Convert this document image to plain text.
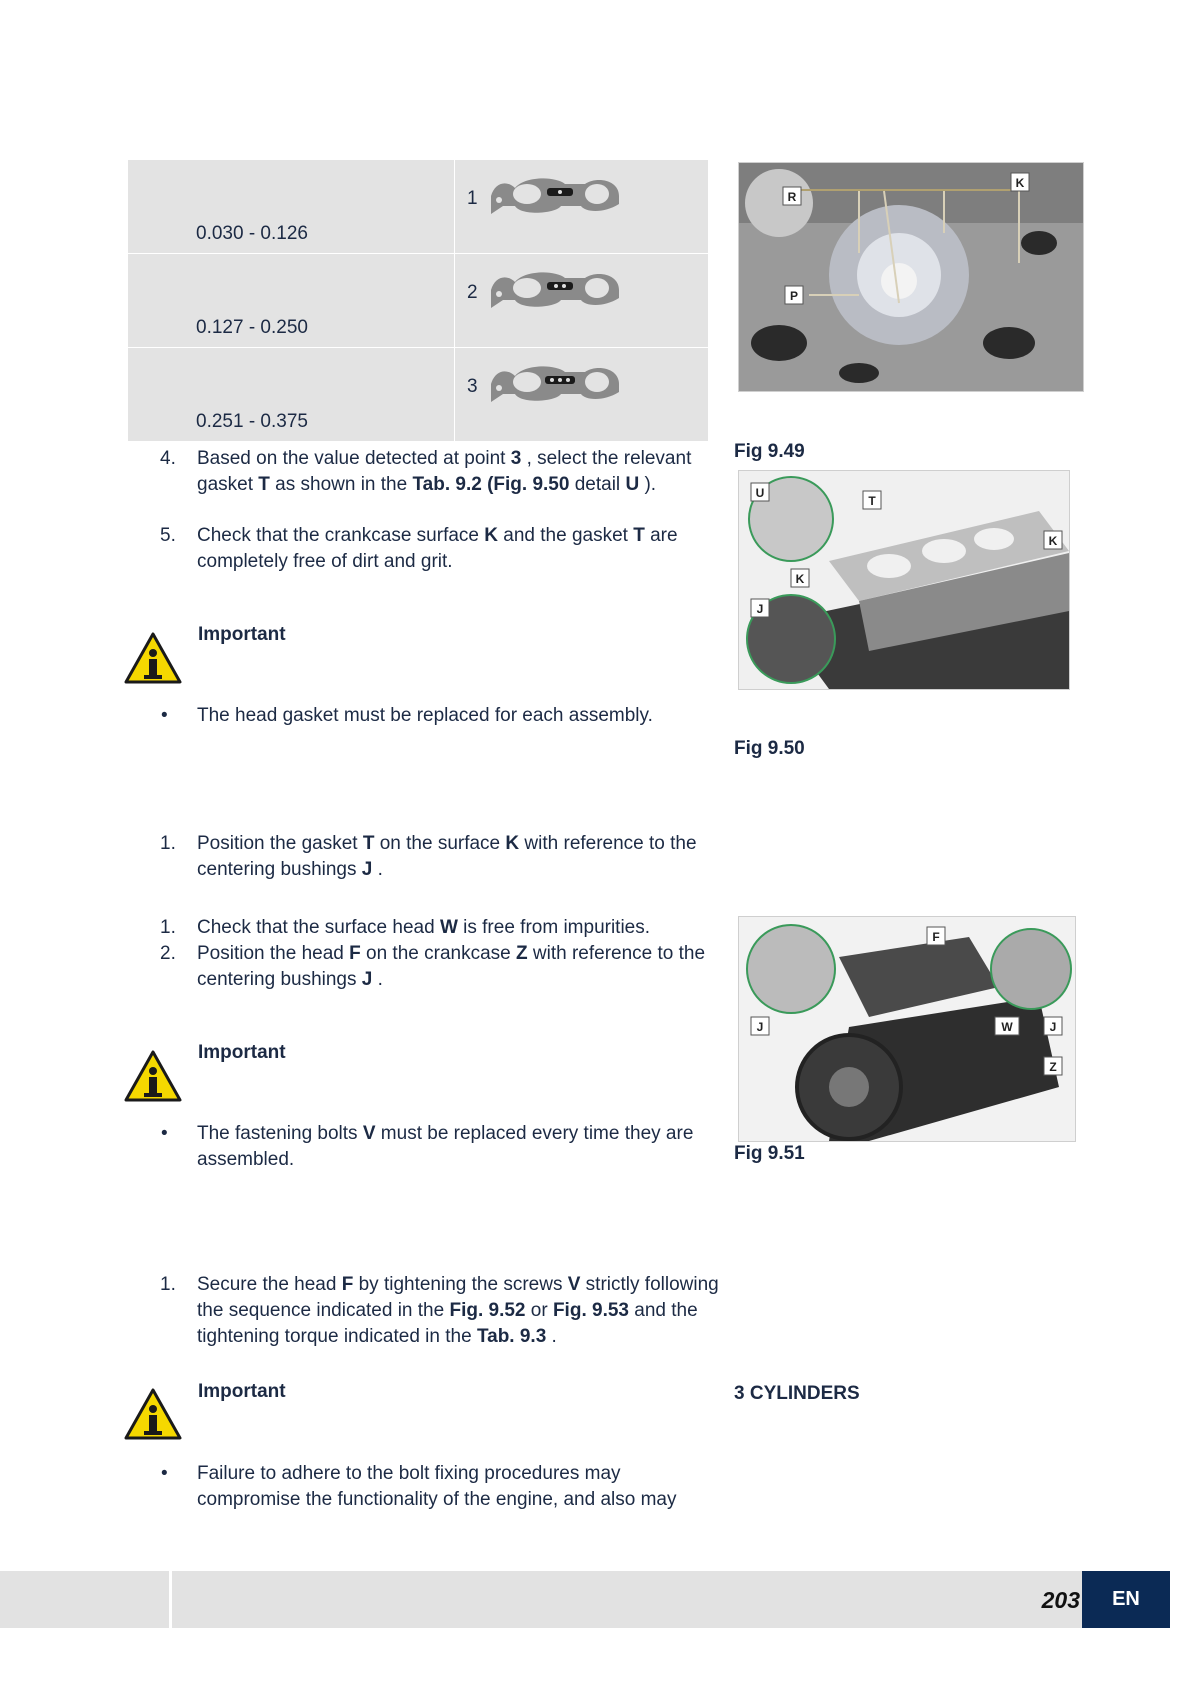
0.030 - 0.126	1

0.127 - 0.250	2

0.251 - 0.375	3
4.	Based on the value detected at point 3 , select the relevant gasket T as shown in the Tab. 9.2 (Fig. 9.50 detail U ).
5.	Check that the crankcase surface K and the gasket T are completely free of dirt and grit.
Important
• The head gasket must be replaced for each assembly.
1.	Position the gasket T on the surface K with reference to the centering bushings J .
1.	Check that the surface head W is free from impurities.
2.	Position the head F on the crankcase Z with reference to the centering bushings J .
Important
• The fastening bolts V must be replaced every time they are assembled.
1.	Secure the head F by tightening the screws V strictly following the sequence indicated in the Fig. 9.52 or Fig. 9.53 and the tightening torque indicated in the Tab. 9.3 .
Important
• Failure to adhere to the bolt fixing procedures may compromise the functionality of the engine, and also may
R
K
P
Fig 9.49
U
T
K
K
J
Fig 9.50
F
J	W	J
Z
Fig 9.51
3 CYLINDERS
203	EN
